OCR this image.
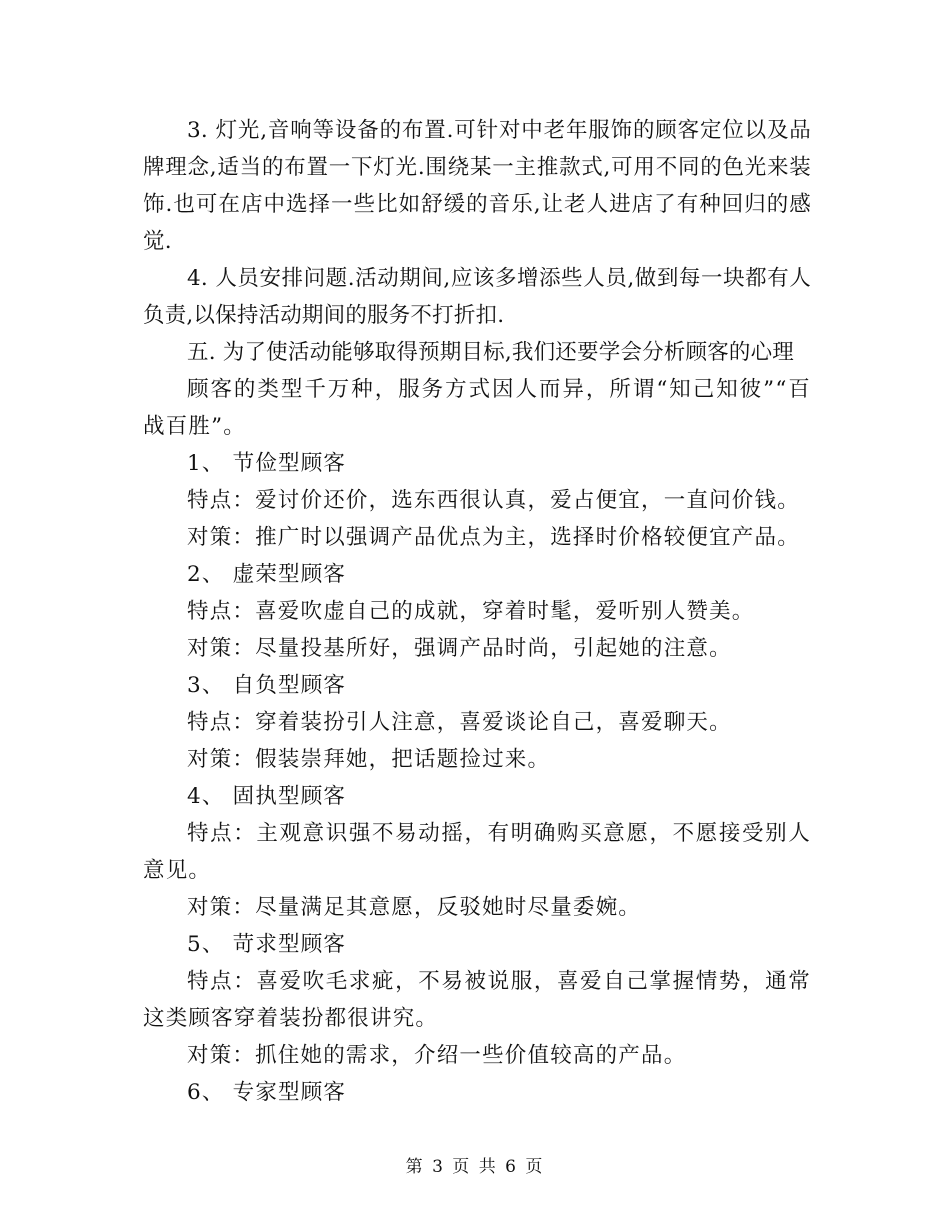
3. 灯光,音响等设备的布置.可针对中老年服饰的顾客定位以及品牌理念,适当的布置一下灯光.围绕某一主推款式,可用不同的色光来装饰.也可在店中选择一些比如舒缓的音乐,让老人进店了有种回归的感觉.

4. 人员安排问题.活动期间,应该多增添些人员,做到每一块都有人负责,以保持活动期间的服务不打折扣.

五. 为了使活动能够取得预期目标,我们还要学会分析顾客的心理

顾客的类型千万种，服务方式因人而异，所谓“知己知彼”“百战百胜”。

1、 节俭型顾客

特点：爱讨价还价，选东西很认真，爱占便宜，一直问价钱。

对策：推广时以强调产品优点为主，选择时价格较便宜产品。

2、 虚荣型顾客

特点：喜爱吹虚自己的成就，穿着时髦，爱听别人赞美。

对策：尽量投基所好，强调产品时尚，引起她的注意。

3、 自负型顾客

特点：穿着装扮引人注意，喜爱谈论自己，喜爱聊天。

对策：假装崇拜她，把话题捡过来。

4、 固执型顾客

特点：主观意识强不易动摇，有明确购买意愿，不愿接受别人意见。

对策：尽量满足其意愿，反驳她时尽量委婉。

5、 苛求型顾客

特点：喜爱吹毛求疵，不易被说服，喜爱自己掌握情势，通常这类顾客穿着装扮都很讲究。

对策：抓住她的需求，介绍一些价值较高的产品。

6、 专家型顾客

第 3 页 共 6 页
